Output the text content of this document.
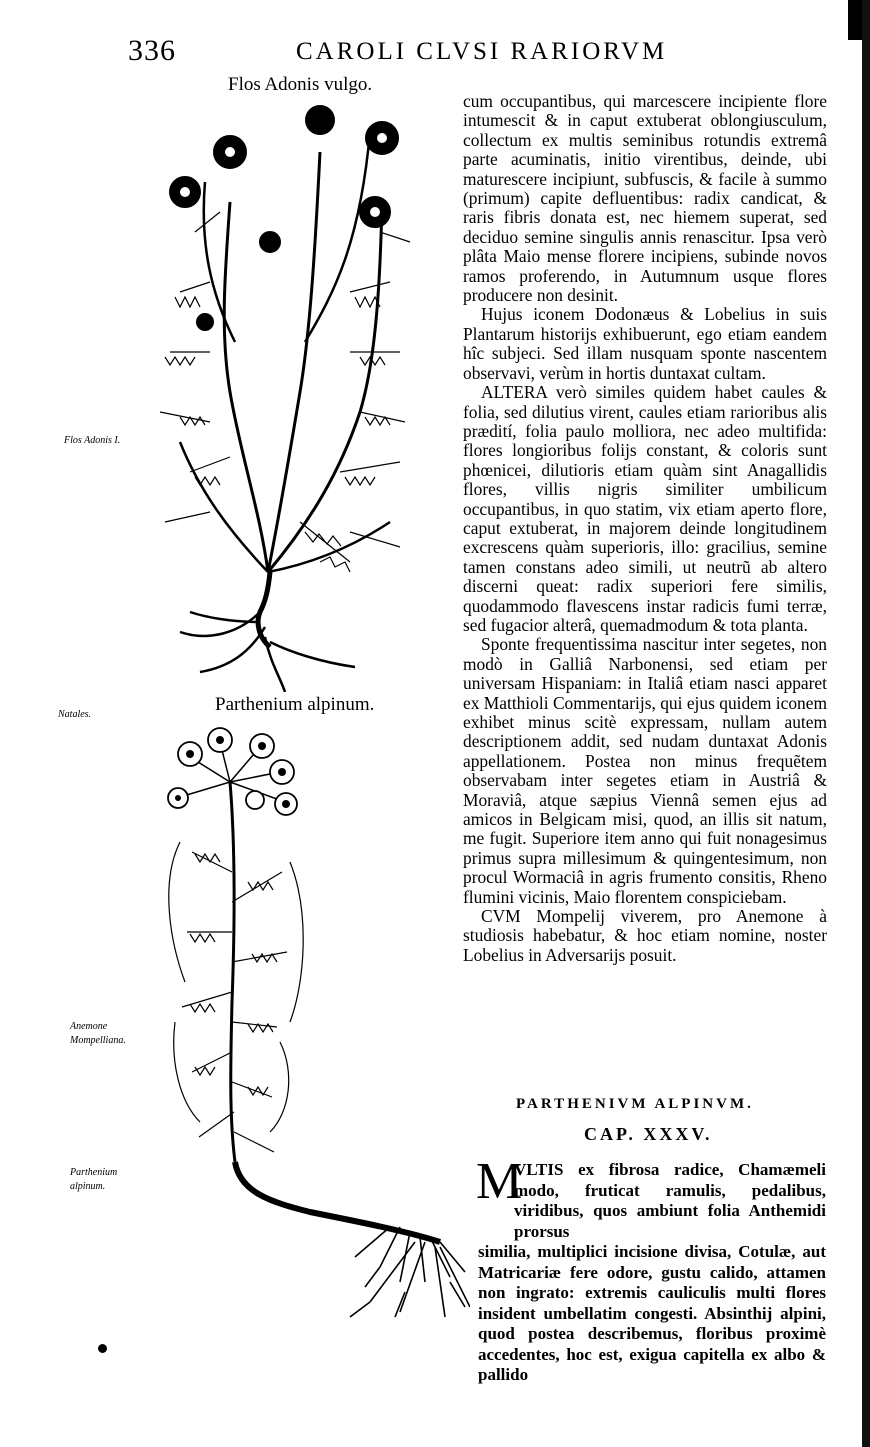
336	CAROLI CLVSI RARIORVM
Flos Adonis vulgo.
Parthenium alpinum.
Flos Adonis I.
Natales.
Anemone Mompelliana.
Parthenium alpinum.

cum occupantibus, qui marcescere incipiente flore intumescit & in caput extuberat oblongiusculum, collectum ex multis seminibus rotundis extremâ parte acuminatis, initio virentibus, deinde, ubi maturescere incipiunt, subfuscis, & facile à summo (primum) capite defluentibus: radix candicat, & raris fibris donata est, nec hiemem superat, sed deciduo semine singulis annis renascitur. Ipsa verò plâta Maio mense florere incipiens, subinde novos ramos proferendo, in Autumnum usque flores producere non desinit.

Hujus iconem Dodonæus & Lobelius in suis Plantarum historijs exhibuerunt, ego etiam eandem hîc subjeci. Sed illam nusquam sponte nascentem observavi, verùm in hortis duntaxat cultam.

ALTERA verò similes quidem habet caules & folia, sed dilutius virent, caules etiam rarioribus alis prædití, folia paulo molliora, nec adeo multifida: flores longioribus folijs constant, & coloris sunt phœnicei, dilutioris etiam quàm sint Anagallidis flores, villis nigris similiter umbilicum occupantibus, in quo statim, vix etiam aperto flore, caput extuberat, in majorem deinde longitudinem excrescens quàm superioris, illo: gracilius, semine tamen constans adeo simili, ut neutrũ ab altero discerni queat: radix superiori fere similis, quodammodo flavescens instar radicis fumi terræ, sed fugacior alterâ, quemadmodum & tota planta.

Sponte frequentissima nascitur inter segetes, non modò in Galliâ Narbonensi, sed etiam per universam Hispaniam: in Italiâ etiam nasci apparet ex Matthioli Commentarijs, qui ejus quidem iconem exhibet minus scitè expressam, nullam autem descriptionem addit, sed nudam duntaxat Adonis appellationem. Postea non minus frequẽtem observabam inter segetes etiam in Austriâ & Moraviâ, atque sæpius Viennâ semen ejus ad amicos in Belgicam misi, quod, an illis sit natum, me fugit. Superiore item anno qui fuit nonagesimus primus supra millesimum & quingentesimum, non procul Wormaciâ in agris frumento consitis, Rheno flumini vicinis, Maio florentem conspiciebam.

CVM Mompelij viverem, pro Anemone à studiosis habebatur, & hoc etiam nomine, noster Lobelius in Adversarijs posuit.

PARTHENIVM ALPINVM.
CAP. XXXV.
M
VLTIS ex fibrosa radice, Chamæmeli modo, fruticat ramulis, pedalibus, viridibus, quos ambiunt folia Anthemidi prorsus
similia, multiplici incisione divisa, Cotulæ, aut Matricariæ fere odore, gustu calido, attamen non ingrato: extremis cauliculis multi flores insident umbellatim congesti. Absinthij alpini, quod postea describemus, floribus proximè accedentes, hoc est, exigua capitella ex albo & pallido
